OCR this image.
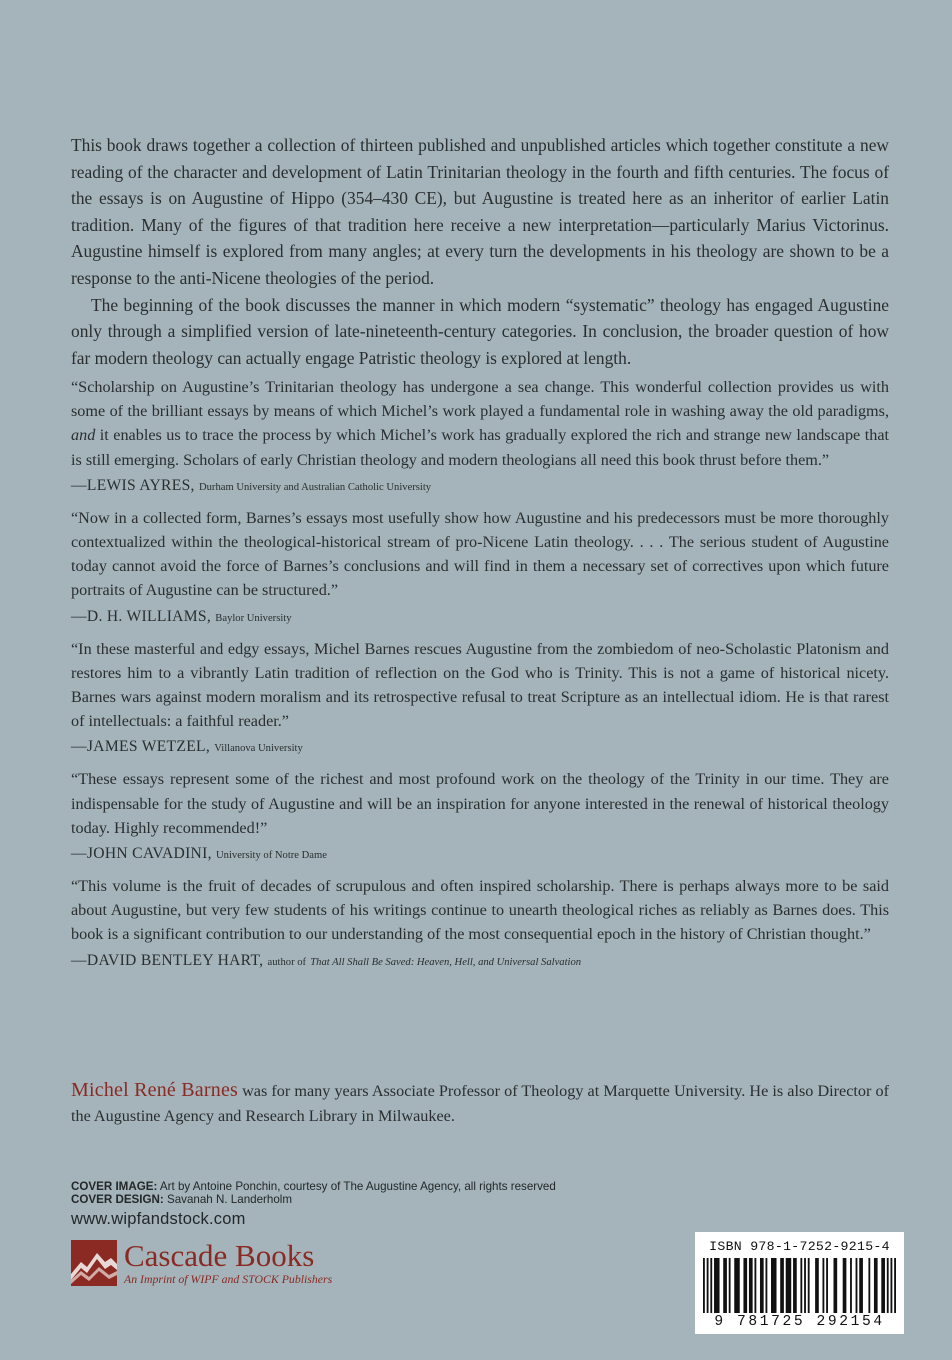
This book draws together a collection of thirteen published and unpublished articles which together constitute a new reading of the character and development of Latin Trinitarian theology in the fourth and fifth centuries. The focus of the essays is on Augustine of Hippo (354–430 CE), but Augustine is treated here as an inheritor of earlier Latin tradition. Many of the figures of that tradition here receive a new interpretation—particularly Marius Victorinus. Augustine himself is explored from many angles; at every turn the developments in his theology are shown to be a response to the anti-Nicene theologies of the period.

The beginning of the book discusses the manner in which modern “systematic” theology has engaged Augustine only through a simplified version of late-nineteenth-century categories. In conclusion, the broader question of how far modern theology can actually engage Patristic theology is explored at length.

“Scholarship on Augustine’s Trinitarian theology has undergone a sea change. This wonderful collection provides us with some of the brilliant essays by means of which Michel’s work played a fundamental role in washing away the old paradigms, and it enables us to trace the process by which Michel’s work has gradually explored the rich and strange new landscape that is still emerging. Scholars of early Christian theology and modern theologians all need this book thrust before them.”

—LEWIS AYRES, Durham University and Australian Catholic University

“Now in a collected form, Barnes’s essays most usefully show how Augustine and his predecessors must be more thoroughly contextualized within the theological-historical stream of pro-Nicene Latin theology. . . . The serious student of Augustine today cannot avoid the force of Barnes’s conclusions and will find in them a necessary set of correctives upon which future portraits of Augustine can be structured.”

—D. H. WILLIAMS, Baylor University

“In these masterful and edgy essays, Michel Barnes rescues Augustine from the zombiedom of neo-Scholastic Platonism and restores him to a vibrantly Latin tradition of reflection on the God who is Trinity. This is not a game of historical nicety. Barnes wars against modern moralism and its retrospective refusal to treat Scripture as an intellectual idiom. He is that rarest of intellectuals: a faithful reader.”

—JAMES WETZEL, Villanova University

“These essays represent some of the richest and most profound work on the theology of the Trinity in our time. They are indispensable for the study of Augustine and will be an inspiration for anyone interested in the renewal of historical theology today. Highly recommended!”

—JOHN CAVADINI, University of Notre Dame

“This volume is the fruit of decades of scrupulous and often inspired scholarship. There is perhaps always more to be said about Augustine, but very few students of his writings continue to unearth theological riches as reliably as Barnes does. This book is a significant contribution to our understanding of the most consequential epoch in the history of Christian thought.”

—DAVID BENTLEY HART, author of That All Shall Be Saved: Heaven, Hell, and Universal Salvation

Michel René Barnes was for many years Associate Professor of Theology at Marquette University. He is also Director of the Augustine Agency and Research Library in Milwaukee.
COVER IMAGE: Art by Antoine Ponchin, courtesy of The Augustine Agency, all rights reserved
COVER DESIGN: Savanah N. Landerholm
www.wipfandstock.com
Cascade Books
An Imprint of WIPF and STOCK Publishers
ISBN 978-1-7252-9215-4
9 781725 292154
